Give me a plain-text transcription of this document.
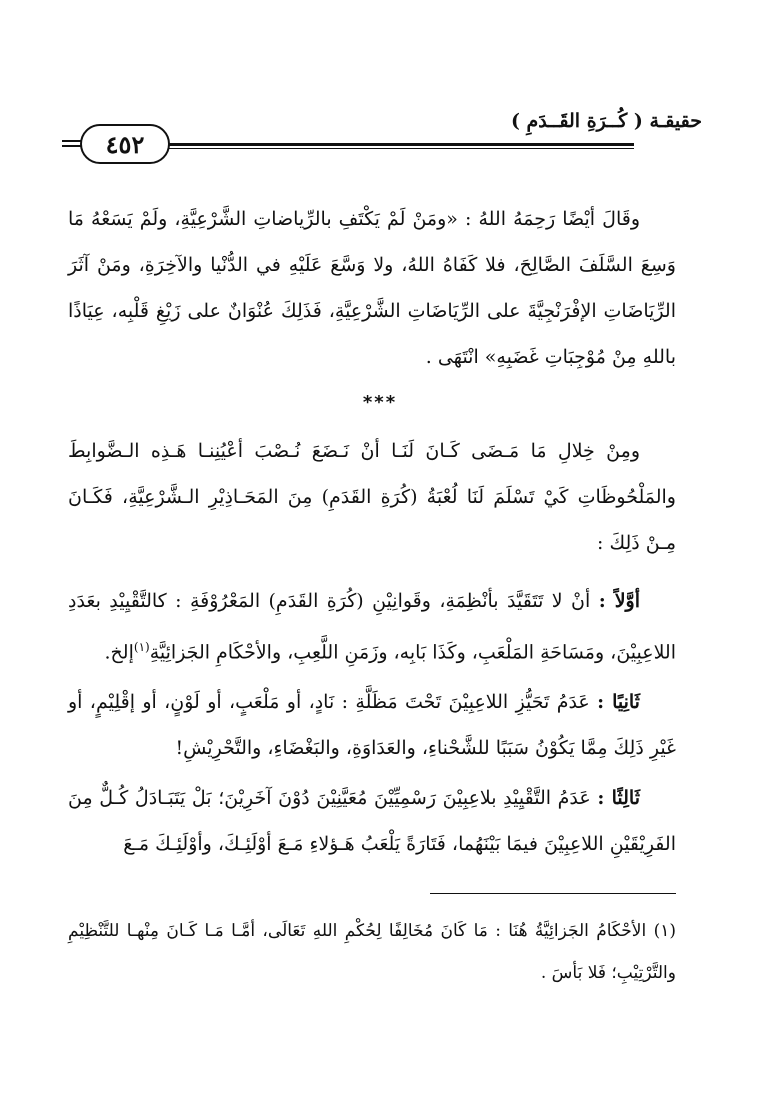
٤٥٢
حقيقـة ( كُــرَةِ القَــدَمِ )

وقَالَ أيْضًا رَحِمَهُ اللهُ : «ومَنْ لَمْ يَكْتَفِ بالرِّياضاتِ الشَّرْعِيَّةِ، ولَمْ يَسَعْهُ مَا وَسِعَ السَّلَفَ الصَّالِحَ، فلا كَفَاهُ اللهُ، ولا وَسَّعَ عَلَيْهِ في الدُّنْيا والآخِرَةِ، ومَنْ آثَرَ الرِّيَاضَاتِ الإفْرَنْجِيَّةَ على الرِّيَاضَاتِ الشَّرْعِيَّةِ، فَذَلِكَ عُنْوَانٌ على زَيْغِ قَلْبِه، عِيَاذًا باللهِ مِنْ مُوْجِبَاتِ غَضَبِهِ» انْتَهَى .

***

ومِنْ خِلالِ مَا مَـضَى كَـانَ لَنَـا أنْ نَـضَعَ نُـصْبَ أعْيُنِنـا هَـذِه الـضَّوابِطَ والمَلْحُوظَاتِ كَيْ تَسْلَمَ لَنَا لُعْبَةُ (كُرَةِ القَدَمِ) مِنَ المَحَـاذِيْرِ الـشَّرْعِيَّةِ، فَكَـانَ مِـنْ ذَلِكَ :

أوَّلاً : أنْ لا تَتَقَيَّدَ بأنْظِمَةِ، وقَوانِيْنِ (كُرَةِ القَدَمِ) المَعْرُوْفَةِ : كالتَّقْيِيْدِ بعَدَدِ اللاعِبِيْنَ، ومَسَاحَةِ المَلْعَبِ، وكَذَا بَابِه، وزَمَنِ اللَّعِبِ، والأحْكَامِ الجَزائِيَّةِ$^{(١)}$إلخ.

ثَانِيًا : عَدَمُ تَحَيُّزِ اللاعِبِيْنَ تَحْتَ مَظَلَّةِ : نَادٍ، أو مَلْعَبٍ، أو لَوْنٍ، أو إقْلِيْمٍ، أو غَيْرِ ذَلِكَ مِمَّا يَكُوْنُ سَبَبًا للشَّحْناءِ، والعَدَاوَةِ، والبَغْضَاءِ، والتَّحْرِيْشِ!

ثَالِثًا : عَدَمُ التَّقْيِيْدِ بلاعِبِيْنَ رَسْمِيِّيْنَ مُعَيَّنِيْنَ دُوْنَ آخَرِيْنَ؛ بَلْ يَتَبَـادَلُ كُـلٌّ مِنَ الفَرِيْقَيْنِ اللاعِبِيْنَ فيمَا بَيْنَهُما، فَتَارَةً يَلْعَبُ هَـؤلاءِ مَـعَ أوْلَئِـكَ، وأوْلَئِـكَ مَـعَ

(١) الأحْكَامُ الجَزائِيَّةُ هُنَا : مَا كَانَ مُخَالِفًا لِحُكْمِ اللهِ تَعَالَى، أمَّـا مَـا كَـانَ مِنْهـا للتَّنْظِيْمِ والتَّرْتِيْبِ؛ فَلا بَأسَ .
